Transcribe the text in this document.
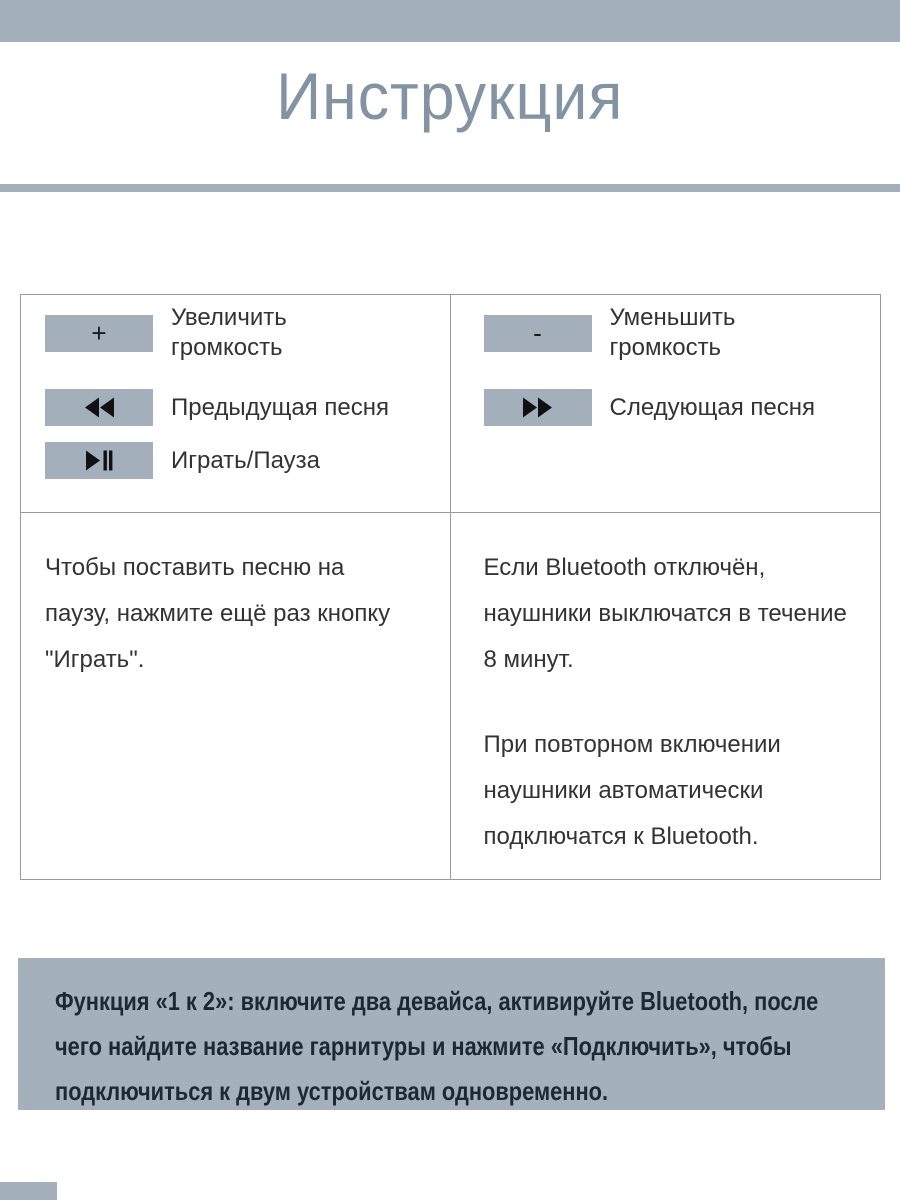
Инструкция
+	Увеличить громкость
Предыдущая песня
Играть/Пауза
-	Уменьшить громкость
Следующая песня
Чтобы поставить песню на
паузу, нажмите ещё раз кнопку
"Играть".
Если Bluetooth отключён,
наушники выключатся в течение
8 минут.
При повторном включении
наушники автоматически
подключатся к Bluetooth.
Функция «1 к 2»: включите два девайса, активируйте Bluetooth, после
чего найдите название гарнитуры и нажмите «Подключить», чтобы
подключиться к двум устройствам одновременно.
